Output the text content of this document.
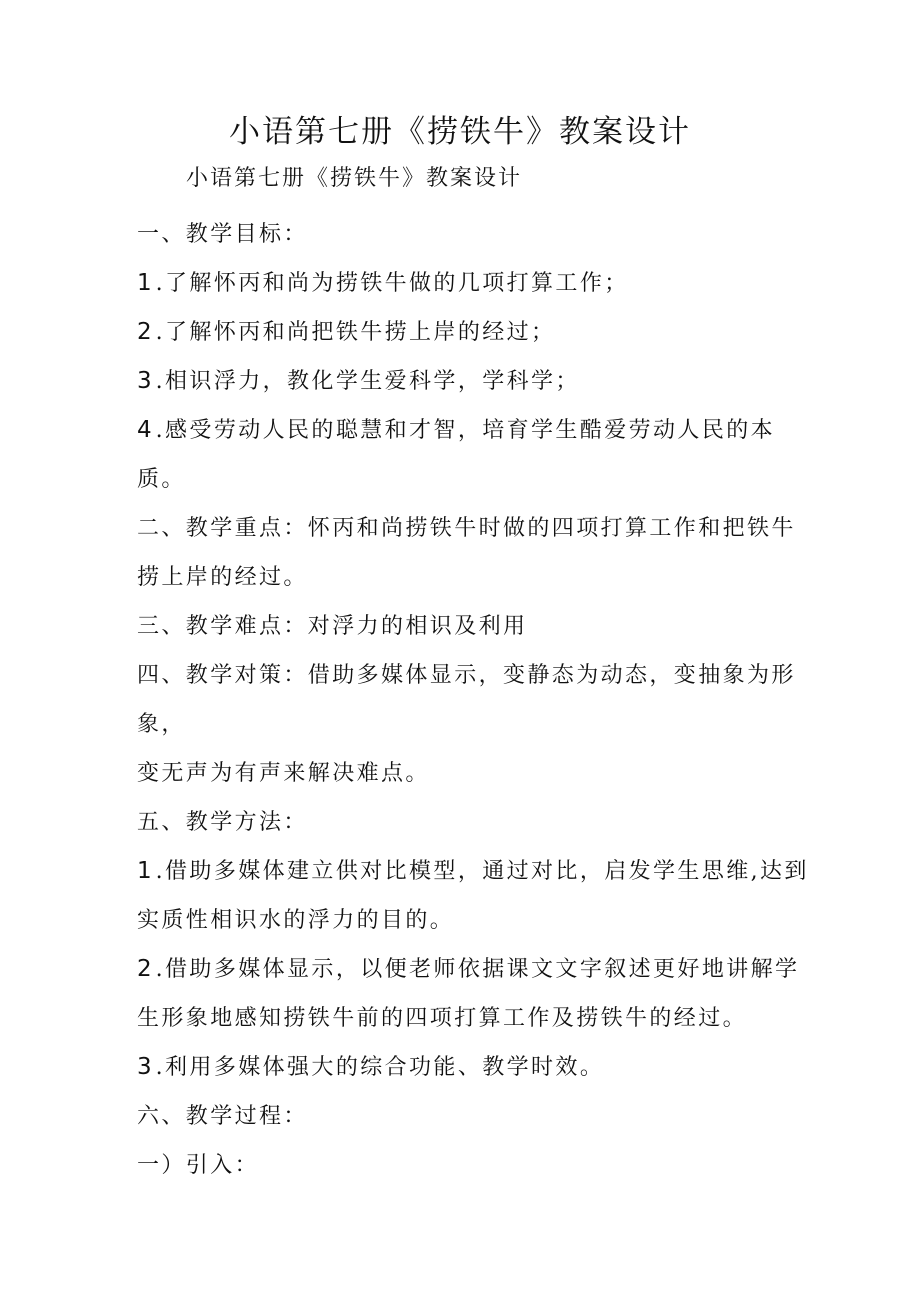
小语第七册《捞铁牛》教案设计

小语第七册《捞铁牛》教案设计

一、教学目标：
1 .了解怀丙和尚为捞铁牛做的几项打算工作；
2 .了解怀丙和尚把铁牛捞上岸的经过；
3 .相识浮力，教化学生爱科学，学科学；
4 .感受劳动人民的聪慧和才智，培育学生酷爱劳动人民的本
质。
二、教学重点：怀丙和尚捞铁牛时做的四项打算工作和把铁牛
捞上岸的经过。
三、教学难点：对浮力的相识及利用
四、教学对策：借助多媒体显示，变静态为动态，变抽象为形
象，
变无声为有声来解决难点。
五、教学方法：
1 .借助多媒体建立供对比模型，通过对比，启发学生思维,达到
实质性相识水的浮力的目的。
2 .借助多媒体显示，以便老师依据课文文字叙述更好地讲解学
生形象地感知捞铁牛前的四项打算工作及捞铁牛的经过。
3 .利用多媒体强大的综合功能、教学时效。
六、教学过程：
一）引入：
